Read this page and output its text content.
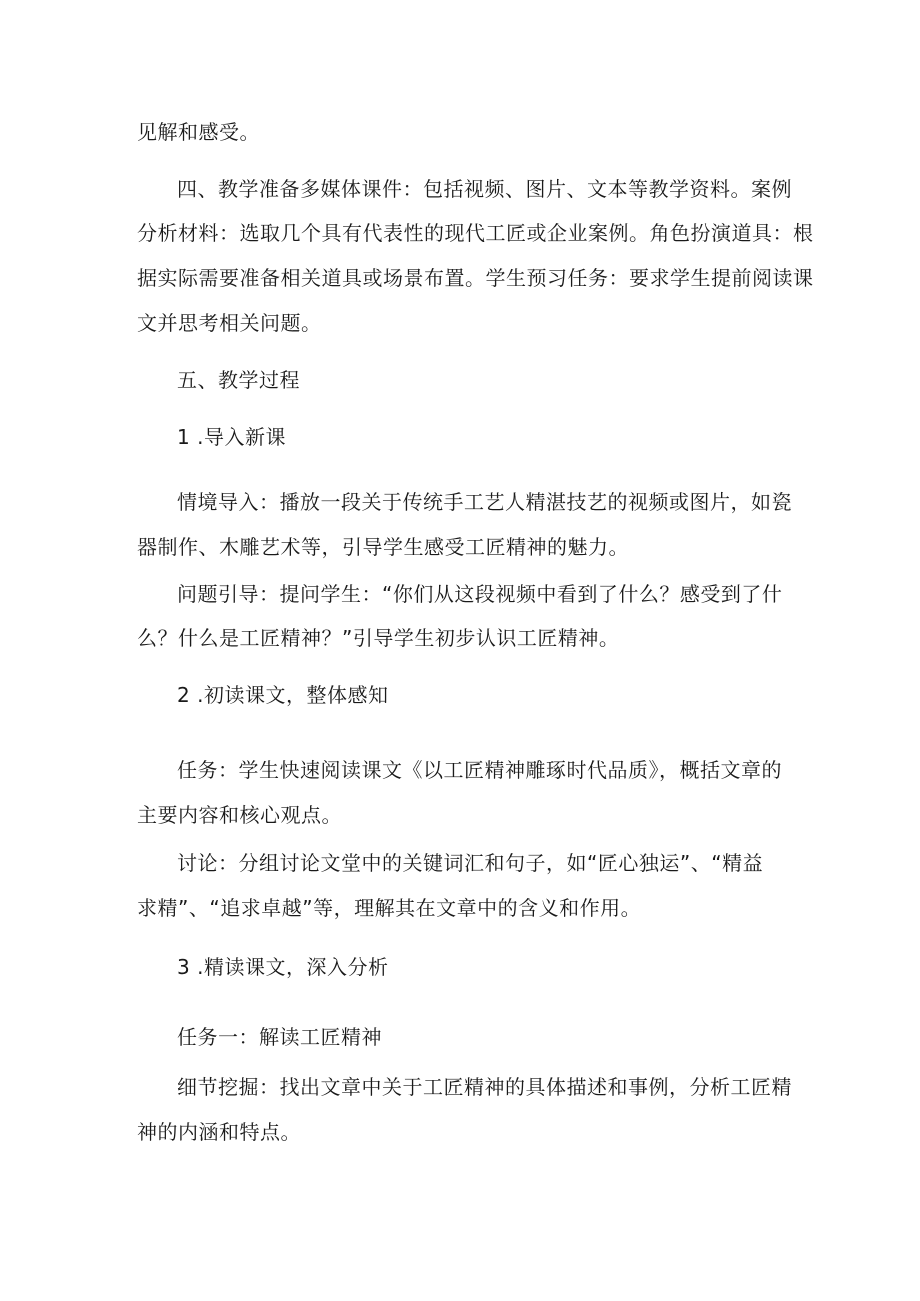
见解和感受。
四、教学准备多媒体课件：包括视频、图片、文本等教学资料。案例
分析材料：选取几个具有代表性的现代工匠或企业案例。角色扮演道具：根
据实际需要准备相关道具或场景布置。学生预习任务：要求学生提前阅读课
文并思考相关问题。
五、教学过程
1 .导入新课
情境导入：播放一段关于传统手工艺人精湛技艺的视频或图片，如瓷
器制作、木雕艺术等，引导学生感受工匠精神的魅力。
问题引导：提问学生：“你们从这段视频中看到了什么？感受到了什
么？什么是工匠精神？”引导学生初步认识工匠精神。
2 .初读课文，整体感知
任务：学生快速阅读课文《以工匠精神雕琢时代品质》，概括文章的
主要内容和核心观点。
讨论：分组讨论文堂中的关键词汇和句子，如“匠心独运”、“精益
求精”、“追求卓越”等，理解其在文章中的含义和作用。
3 .精读课文，深入分析
任务一：解读工匠精神
细节挖掘：找出文章中关于工匠精神的具体描述和事例，分析工匠精
神的内涵和特点。
